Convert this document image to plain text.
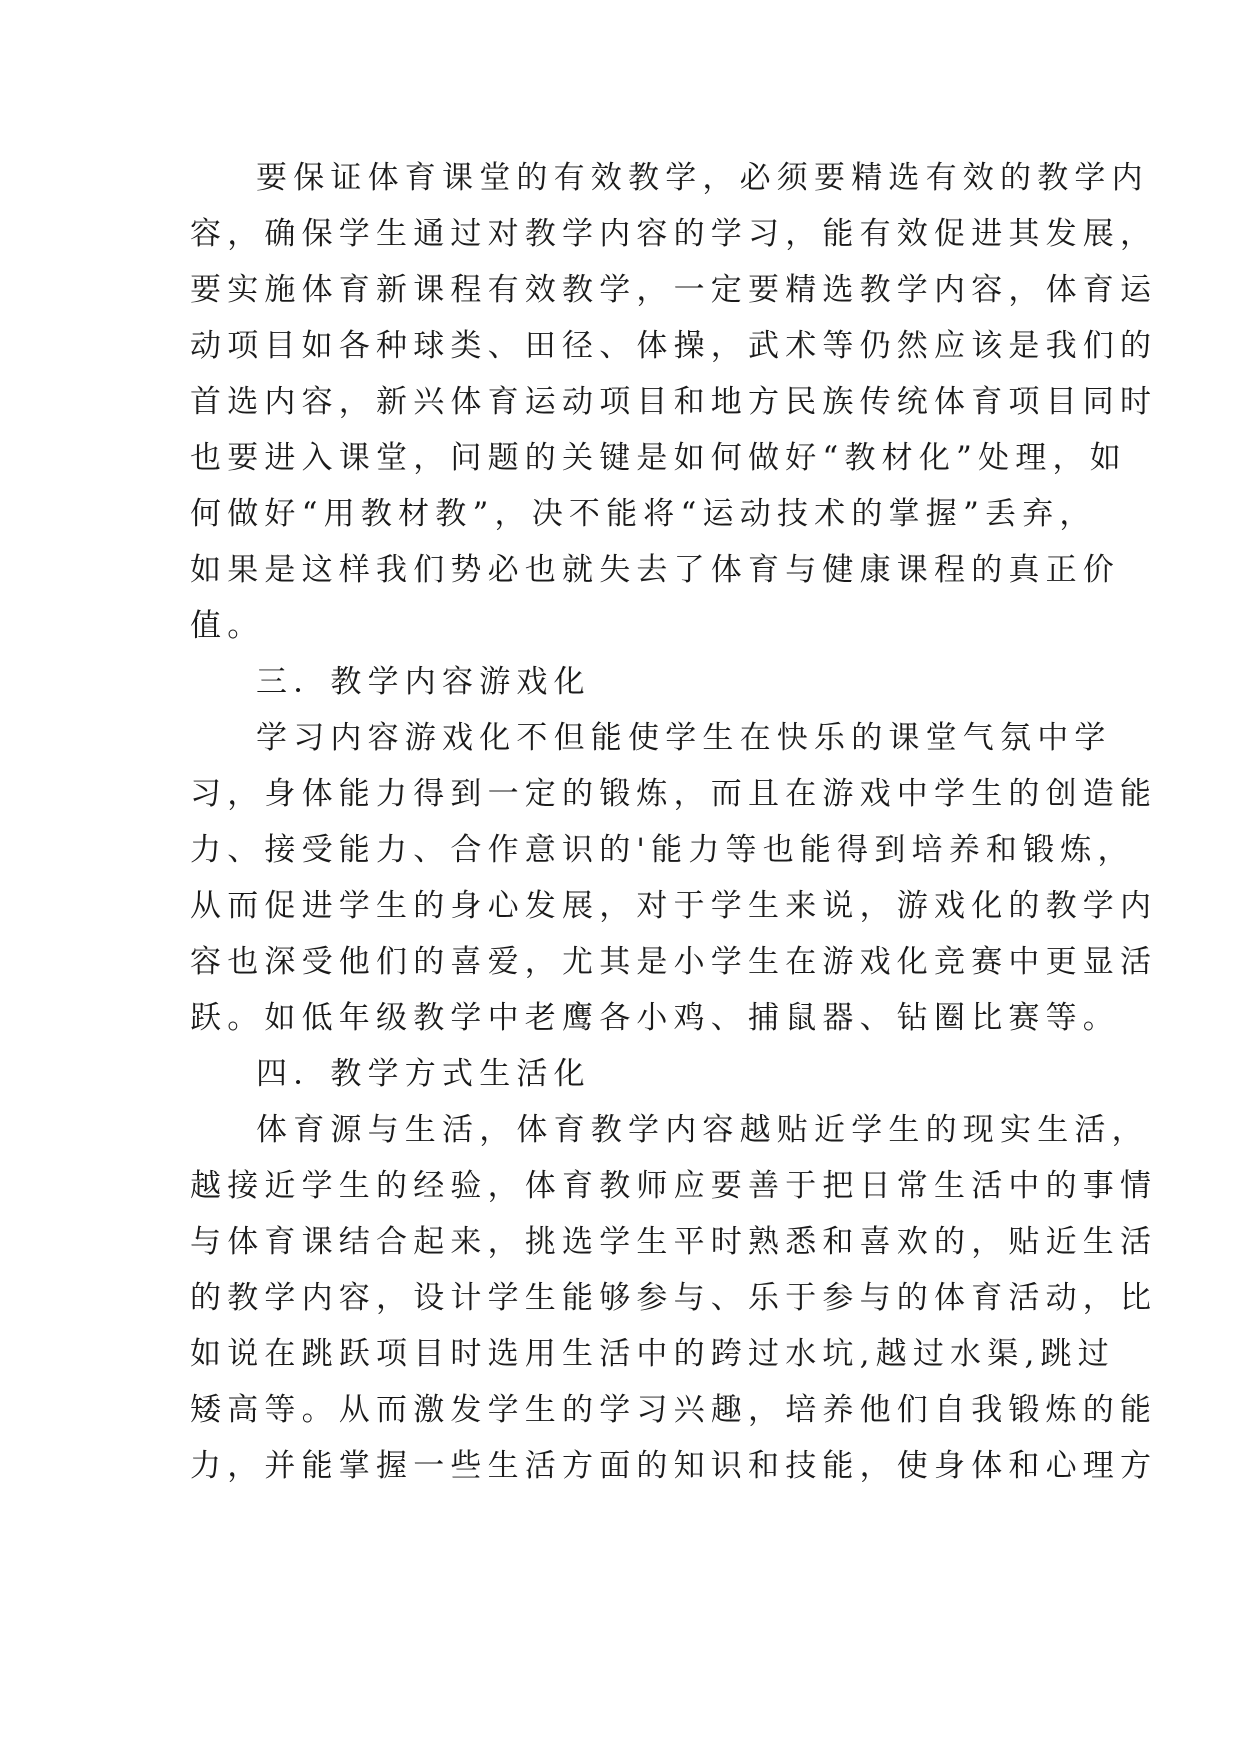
要保证体育课堂的有效教学，必须要精选有效的教学内
容，确保学生通过对教学内容的学习，能有效促进其发展，
要实施体育新课程有效教学，一定要精选教学内容，体育运
动项目如各种球类、田径、体操，武术等仍然应该是我们的
首选内容，新兴体育运动项目和地方民族传统体育项目同时
也要进入课堂，问题的关键是如何做好“教材化”处理，如
何做好“用教材教”，决不能将“运动技术的掌握”丢弃，
如果是这样我们势必也就失去了体育与健康课程的真正价
值。
三．教学内容游戏化
学习内容游戏化不但能使学生在快乐的课堂气氛中学
习，身体能力得到一定的锻炼，而且在游戏中学生的创造能
力、接受能力、合作意识的'能力等也能得到培养和锻炼，
从而促进学生的身心发展，对于学生来说，游戏化的教学内
容也深受他们的喜爱，尤其是小学生在游戏化竞赛中更显活
跃。如低年级教学中老鹰各小鸡、捕鼠器、钻圈比赛等。
四．教学方式生活化
体育源与生活，体育教学内容越贴近学生的现实生活，
越接近学生的经验，体育教师应要善于把日常生活中的事情
与体育课结合起来，挑选学生平时熟悉和喜欢的，贴近生活
的教学内容，设计学生能够参与、乐于参与的体育活动，比
如说在跳跃项目时选用生活中的跨过水坑,越过水渠,跳过
矮高等。从而激发学生的学习兴趣，培养他们自我锻炼的能
力，并能掌握一些生活方面的知识和技能，使身体和心理方
